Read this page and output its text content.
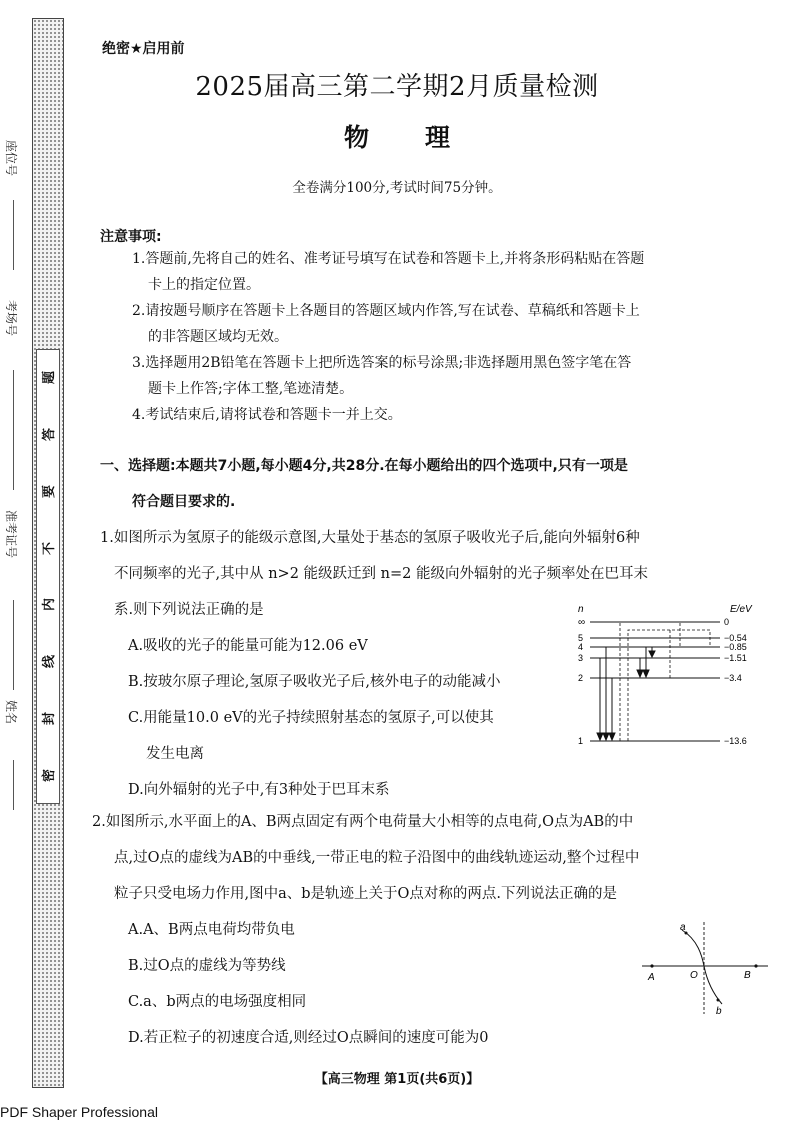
题
答
要
不
内
线
封
密
座位号
考场号
准考证号
姓名
绝密★启用前
2025届高三第二学期2月质量检测
物 理
全卷满分100分,考试时间75分钟。
注意事项:
1.答题前,先将自己的姓名、准考证号填写在试卷和答题卡上,并将条形码粘贴在答题
卡上的指定位置。
2.请按题号顺序在答题卡上各题目的答题区域内作答,写在试卷、草稿纸和答题卡上
的非答题区域均无效。
3.选择题用2B铅笔在答题卡上把所选答案的标号涂黑;非选择题用黑色签字笔在答
题卡上作答;字体工整,笔迹清楚。
4.考试结束后,请将试卷和答题卡一并上交。
一、选择题:本题共7小题,每小题4分,共28分.在每小题给出的四个选项中,只有一项是
符合题目要求的.
1.如图所示为氢原子的能级示意图,大量处于基态的氢原子吸收光子后,能向外辐射6种
不同频率的光子,其中从 n>2 能级跃迁到 n=2 能级向外辐射的光子频率处在巴耳末
系.则下列说法正确的是
A.吸收的光子的能量可能为12.06 eV
B.按玻尔原子理论,氢原子吸收光子后,核外电子的动能减小
C.用能量10.0 eV的光子持续照射基态的氢原子,可以使其
发生电离
D.向外辐射的光子中,有3种处于巴耳末系
n	E/eV
∞
5
4
3
2
1
0
−0.54
−0.85
−1.51
−3.4
−13.6
2.如图所示,水平面上的A、B两点固定有两个电荷量大小相等的点电荷,O点为AB的中
点,过O点的虚线为AB的中垂线,一带正电的粒子沿图中的曲线轨迹运动,整个过程中
粒子只受电场力作用,图中a、b是轨迹上关于O点对称的两点.下列说法正确的是
A.A、B两点电荷均带负电
B.过O点的虚线为等势线
C.a、b两点的电场强度相同
D.若正粒子的初速度合适,则经过O点瞬间的速度可能为0
A	O	B
a
b
【高三物理 第1页(共6页)】
PDF Shaper Professional
